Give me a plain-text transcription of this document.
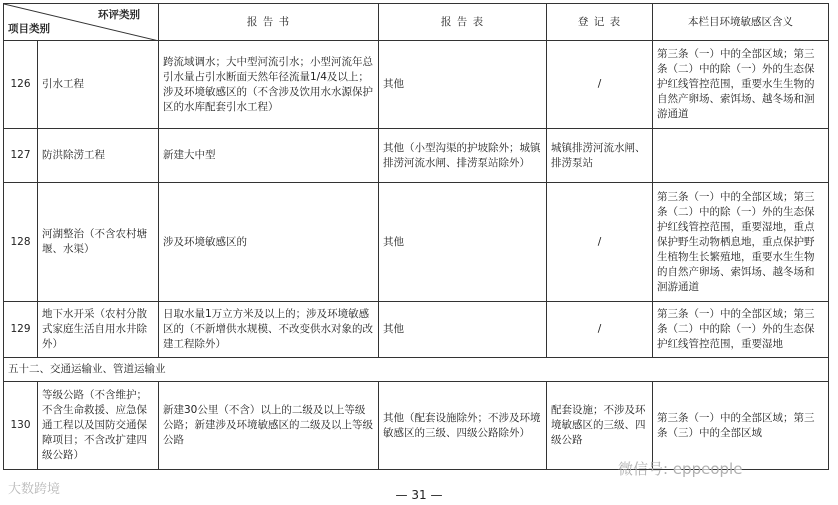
环评类别
项目类别		报 告 书	报 告 表	登 记 表	本栏目环境敏感区含义
126	引水工程	跨流域调水；大中型河流引水；小型河流年总引水量占引水断面天然年径流量1/4及以上；涉及环境敏感区的（不含涉及饮用水水源保护区的水库配套引水工程）	其他	/	第三条（一）中的全部区域；第三条（二）中的除（一）外的生态保护红线管控范围，重要水生生物的自然产卵场、索饵场、越冬场和洄游通道
127	防洪除涝工程	新建大中型	其他（小型沟渠的护坡除外；城镇排涝河流水闸、排涝泵站除外）	城镇排涝河流水闸、排涝泵站	
128	河湖整治（不含农村塘堰、水渠）	涉及环境敏感区的	其他	/	第三条（一）中的全部区域；第三条（二）中的除（一）外的生态保护红线管控范围，重要湿地，重点保护野生动物栖息地，重点保护野生植物生长繁殖地，重要水生生物的自然产卵场、索饵场、越冬场和洄游通道
129	地下水开采（农村分散式家庭生活自用水井除外）	日取水量1万立方米及以上的；涉及环境敏感区的（不新增供水规模、不改变供水对象的改建工程除外）	其他	/	第三条（一）中的全部区域；第三条（二）中的除（一）外的生态保护红线管控范围，重要湿地
五十二、交通运输业、管道运输业					
130	等级公路（不含维护；不含生命救援、应急保通工程以及国防交通保障项目；不含改扩建四级公路）	新建30公里（不含）以上的二级及以上等级公路；新建涉及环境敏感区的二级及以上等级公路	其他（配套设施除外；不涉及环境敏感区的三级、四级公路除外）	配套设施；不涉及环境敏感区的三级、四级公路	第三条（一）中的全部区域；第三条（三）中的全部区域
— 31 —
大数跨境
微信号: eppeople
